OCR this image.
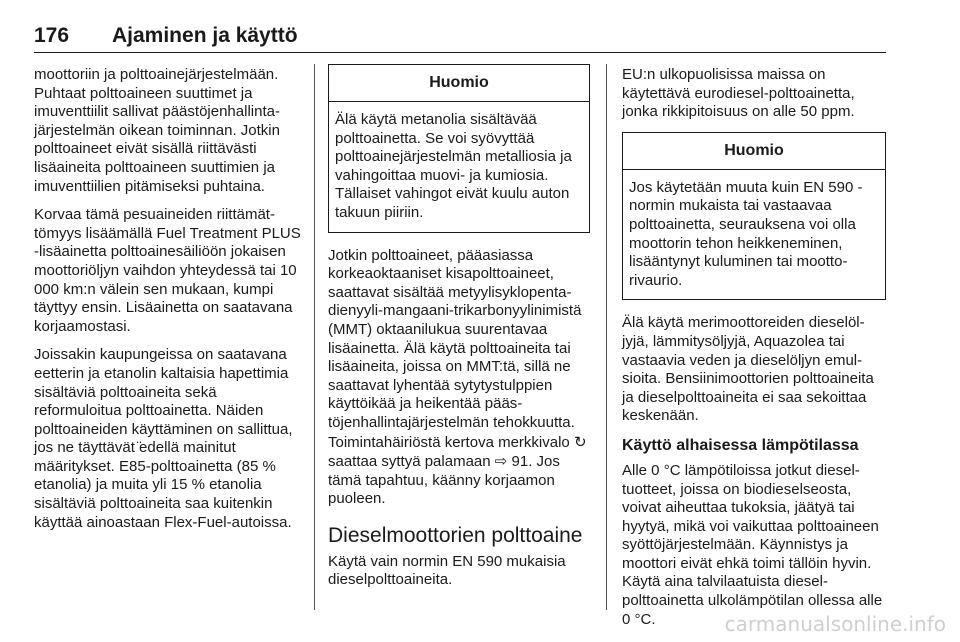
176 Ajaminen ja käyttö

moottoriin ja polttoainejärjestelmään. Puhtaat polttoaineen suuttimet ja imuventtiilit sallivat päästöjenhallintajärjestelmän oikean toiminnan. Jotkin polttoaineet eivät sisällä riittävästi lisäaineita polttoaineen suuttimien ja imuventtiilien pitämiseksi puhtaina.

Korvaa tämä pesuaineiden riittämättömyys lisäämällä Fuel Treatment PLUS -lisäainetta polttoainesäiliöön jokaisen moottoriöljyn vaihdon yhteydessä tai 10 000 km:n välein sen mukaan, kumpi täyttyy ensin. Lisäainetta on saatavana korjaamostasi.

Joissakin kaupungeissa on saatavana eetterin ja etanolin kaltaisia hapettimia sisältäviä polttoaineita sekä reformuloitua polttoainetta. Näiden polttoaineiden käyttäminen on sallittua, jos ne täyttävät ̈edellä mainitut määritykset. E85-polttoainetta (85 % etanolia) ja muita yli 15 % etanolia sisältäviä polttoaineita saa kuitenkin käyttää ainoastaan Flex-Fuel-autoissa.

Huomio
Älä käytä metanolia sisältävää polttoainetta. Se voi syövyttää polttoainejärjestelmän metalliosia ja vahingoittaa muovi- ja kumiosia. Tällaiset vahingot eivät kuulu auton takuun piiriin.

Jotkin polttoaineet, pääasiassa korkeaoktaaniset kisapolttoaineet, saattavat sisältää metyylisyklopentadienyyli-mangaani-trikarbonyylinimistä (MMT) oktaanilukua suurentavaa lisäainetta. Älä käytä polttoaineita tai lisäaineita, joissa on MMT:tä, sillä ne saattavat lyhentää sytytystulppien käyttöikää ja heikentää päästöjenhallintajärjestelmän tehokkuutta. Toimintahäiriöstä kertova merkkivalo ↻ saattaa syttyä palamaan ⇨ 91. Jos tämä tapahtuu, käänny korjaamon puoleen.

Dieselmoottorien polttoaine

Käytä vain normin EN 590 mukaisia dieselpolttoaineita.

EU:n ulkopuolisissa maissa on käytettävä eurodiesel-polttoainetta, jonka rikkipitoisuus on alle 50 ppm.

Huomio
Jos käytetään muuta kuin EN 590 -normin mukaista tai vastaavaa polttoainetta, seurauksena voi olla moottorin tehon heikkeneminen, lisääntynyt kuluminen tai moottorivaurio.

Älä käytä merimoottoreiden dieselöljyjä, lämmitysöljyjä, Aquazolea tai vastaavia veden ja dieselöljyn emulsioita. Bensiinimoottorien polttoaineita ja dieselpolttoaineita ei saa sekoittaa keskenään.

Käyttö alhaisessa lämpötilassa

Alle 0 °C lämpötiloissa jotkut dieseltuotteet, joissa on biodieselseosta, voivat aiheuttaa tukoksia, jäätyä tai hyytyä, mikä voi vaikuttaa polttoaineen syöttöjärjestelmään. Käynnistys ja moottori eivät ehkä toimi tällöin hyvin. Käytä aina talvilaatuista dieselpolttoainetta ulkolämpötilan ollessa alle 0 °C.	carmanualsonline.info
